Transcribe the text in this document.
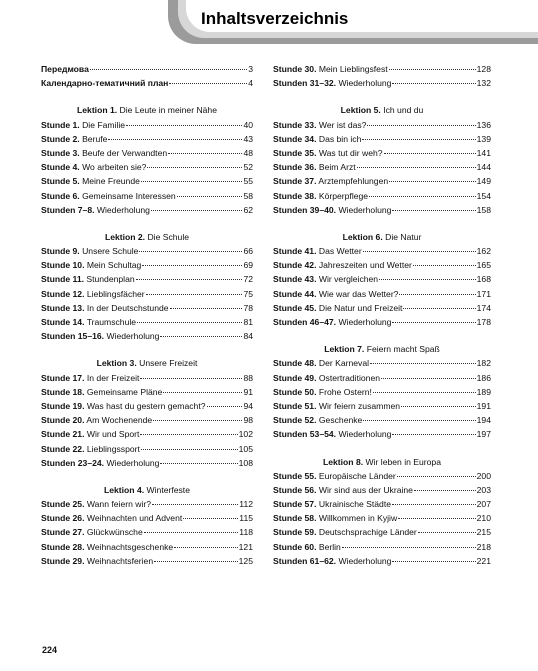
Inhaltsverzeichnis
Передмова	3
Календарно-тематичний план	4
Lektion 1. Die Leute in meiner Nähe
Stunde 1. Die Familie	40
Stunde 2. Berufe	43
Stunde 3. Beufe der Verwandten	48
Stunde 4. Wo arbeiten sie?	52
Stunde 5. Meine Freunde	55
Stunde 6. Gemeinsame Interessen	58
Stunden 7–8. Wiederholung	62
Lektion 2. Die Schule
Stunde 9. Unsere Schule	66
Stunde 10. Mein Schultag	69
Stunde 11. Stundenplan	72
Stunde 12. Lieblingsfächer	75
Stunde 13. In der Deutschstunde	78
Stunde 14. Traumschule	81
Stunden 15–16. Wiederholung	84
Lektion 3. Unsere Freizeit
Stunde 17. In der Freizeit	88
Stunde 18. Gemeinsame Pläne	91
Stunde 19. Was hast du gestern gemacht?	94
Stunde 20. Am Wochenende	98
Stunde 21. Wir und Sport	102
Stunde 22. Lieblingssport	105
Stunden 23–24. Wiederholung	108
Lektion 4. Winterfeste
Stunde 25. Wann feiern wir?	112
Stunde 26. Weihnachten und Advent	115
Stunde 27. Glückwünsche	118
Stunde 28. Weihnachtsgeschenke	121
Stunde 29. Weihnachtsferien	125
Stunde 30. Mein Lieblingsfest	128
Stunden 31–32. Wiederholung	132
Lektion 5. Ich und du
Stunde 33. Wer ist das?	136
Stunde 34. Das bin ich	139
Stunde 35. Was tut dir weh?	141
Stunde 36. Beim Arzt	144
Stunde 37. Arztempfehlungen	149
Stunde 38. Körperpflege	154
Stunden 39–40. Wiederholung	158
Lektion 6. Die Natur
Stunde 41. Das Wetter	162
Stunde 42. Jahreszeiten und Wetter	165
Stunde 43. Wir vergleichen	168
Stunde 44. Wie war das Wetter?	171
Stunde 45. Die Natur und Freizeit	174
Stunden 46–47. Wiederholung	178
Lektion 7. Feiern macht Spaß
Stunde 48. Der Karneval	182
Stunde 49. Ostertraditionen	186
Stunde 50. Frohe Ostern!	189
Stunde 51. Wir feiern zusammen	191
Stunde 52. Geschenke	194
Stunden 53–54. Wiederholung	197
Lektion 8. Wir leben in Europa
Stunde 55. Europäische Länder	200
Stunde 56. Wir sind aus der Ukraine	203
Stunde 57. Ukrainische Städte	207
Stunde 58. Willkommen in Kyjiw	210
Stunde 59. Deutschsprachige Länder	215
Stunde 60. Berlin	218
Stunden 61–62. Wiederholung	221
224
